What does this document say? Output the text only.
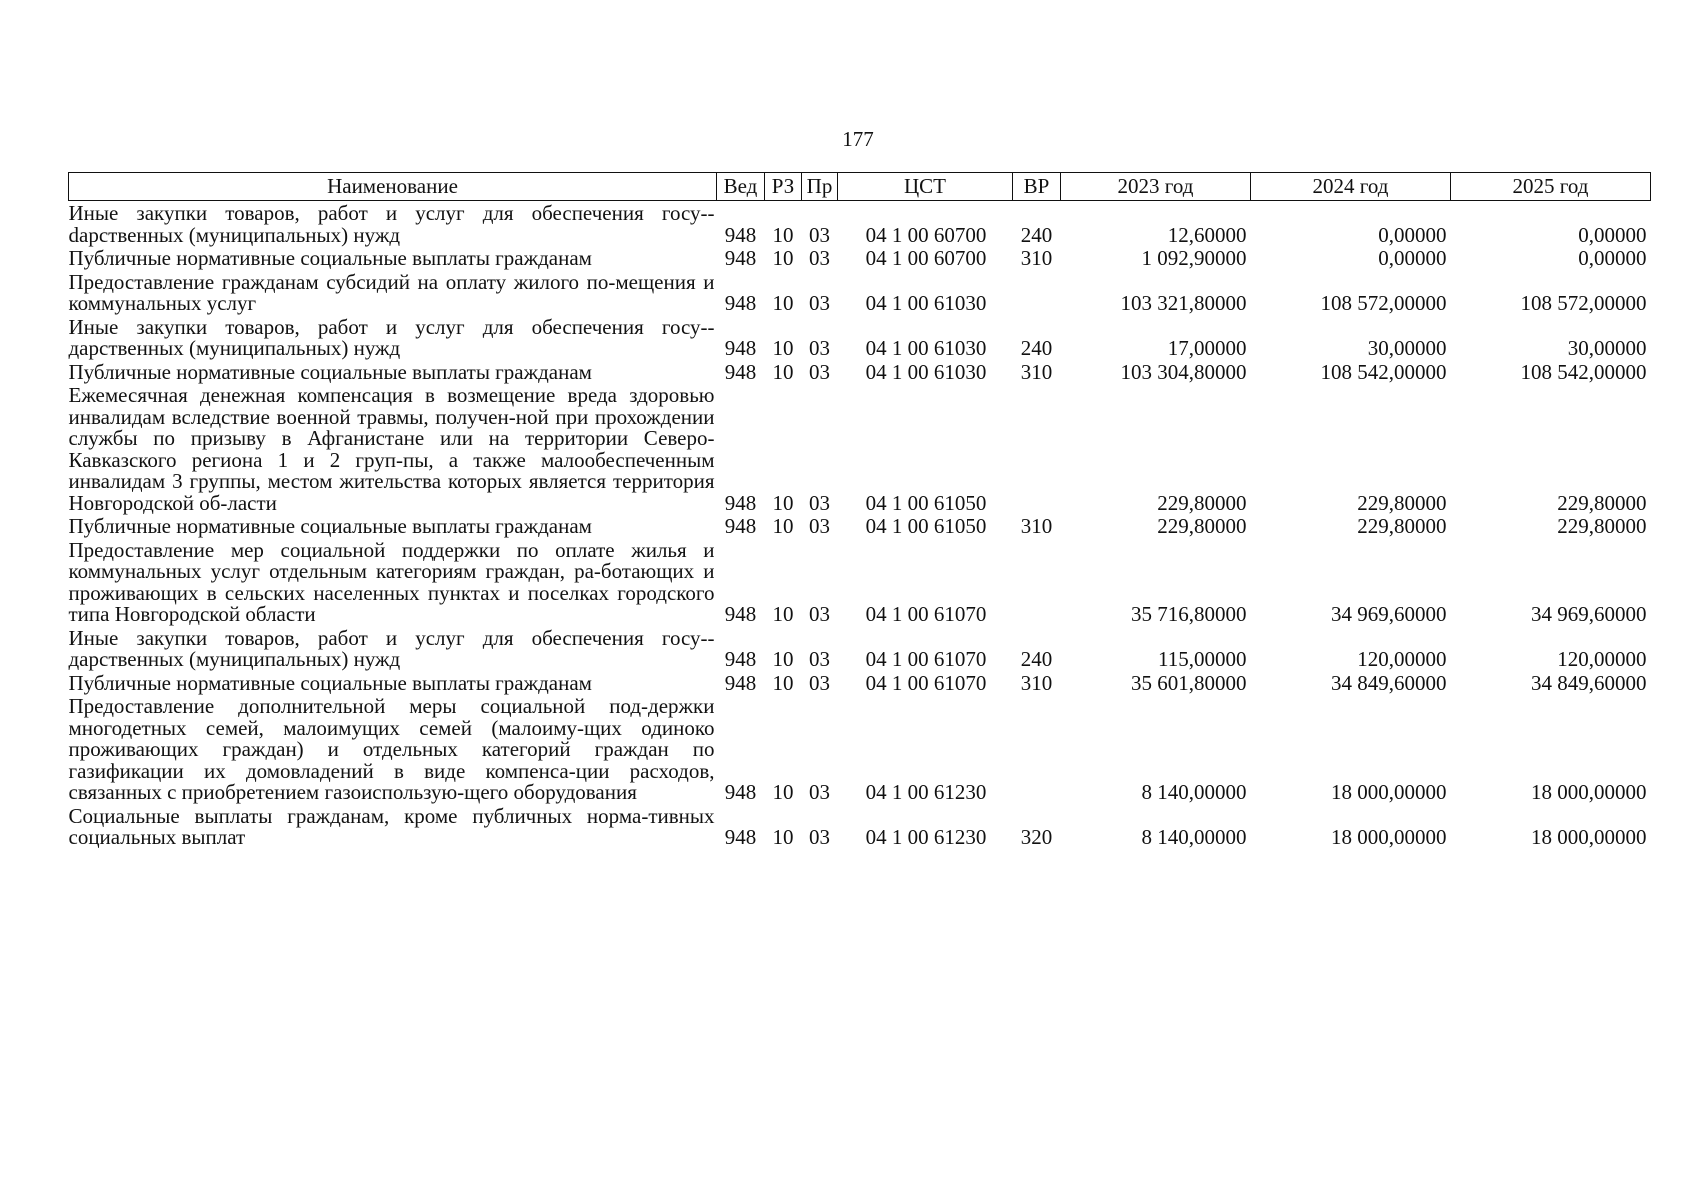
177
Наименование	Вед	РЗ	Пр	ЦСТ	ВР	2023 год	2024 год	2025 год
Иные закупки товаров, работ и услуг для обеспечения госу-dарственных (муниципальных) нужд	948	10	03	04 1 00 60700	240	12,60000	0,00000	0,00000
Публичные нормативные социальные выплаты гражданам	948	10	03	04 1 00 60700	310	1 092,90000	0,00000	0,00000
Предоставление гражданам субсидий на оплату жилого по-мещения и коммунальных услуг	948	10	03	04 1 00 61030		103 321,80000	108 572,00000	108 572,00000
Иные закупки товаров, работ и услуг для обеспечения госу-дарственных (муниципальных) нужд	948	10	03	04 1 00 61030	240	17,00000	30,00000	30,00000
Публичные нормативные социальные выплаты гражданам	948	10	03	04 1 00 61030	310	103 304,80000	108 542,00000	108 542,00000
Ежемесячная денежная компенсация в возмещение вреда здоровью инвалидам вследствие военной травмы, получен-ной при прохождении службы по призыву в Афганистане или на территории Северо-Кавказского региона 1 и 2 груп-пы, а также малообеспеченным инвалидам 3 группы, местом жительства которых является территория Новгородской об-ласти	948	10	03	04 1 00 61050		229,80000	229,80000	229,80000
Публичные нормативные социальные выплаты гражданам	948	10	03	04 1 00 61050	310	229,80000	229,80000	229,80000
Предоставление мер социальной поддержки по оплате жилья и коммунальных услуг отдельным категориям граждан, ра-ботающих и проживающих в сельских населенных пунктах и поселках городского типа Новгородской области	948	10	03	04 1 00 61070		35 716,80000	34 969,60000	34 969,60000
Иные закупки товаров, работ и услуг для обеспечения госу-дарственных (муниципальных) нужд	948	10	03	04 1 00 61070	240	115,00000	120,00000	120,00000
Публичные нормативные социальные выплаты гражданам	948	10	03	04 1 00 61070	310	35 601,80000	34 849,60000	34 849,60000
Предоставление дополнительной меры социальной под-держки многодетных семей, малоимущих семей (малоиму-щих одиноко проживающих граждан) и отдельных категорий граждан по газификации их домовладений в виде компенса-ции расходов, связанных с приобретением газоиспользую-щего оборудования	948	10	03	04 1 00 61230		8 140,00000	18 000,00000	18 000,00000
Социальные выплаты гражданам, кроме публичных норма-тивных социальных выплат	948	10	03	04 1 00 61230	320	8 140,00000	18 000,00000	18 000,00000
